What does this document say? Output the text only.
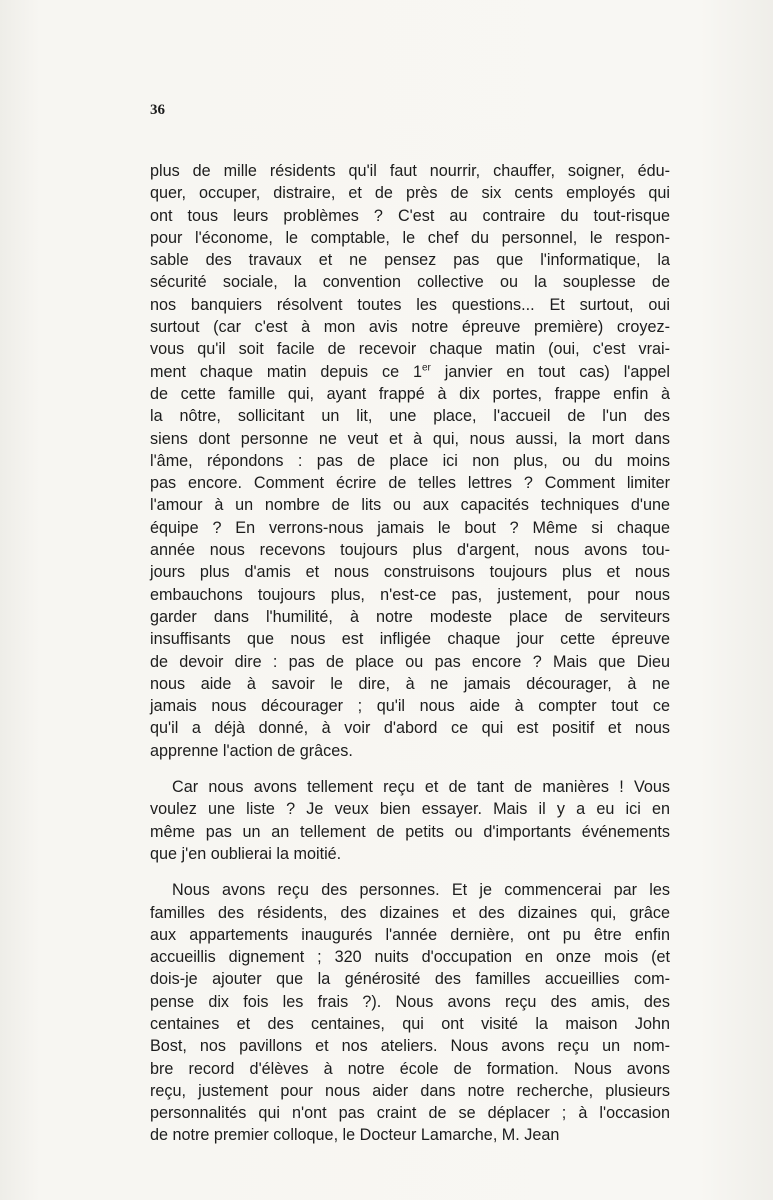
36

plus de mille résidents qu'il faut nourrir, chauffer, soigner, édu-
quer, occuper, distraire, et de près de six cents employés qui
ont tous leurs problèmes ? C'est au contraire du tout-risque
pour l'économe, le comptable, le chef du personnel, le respon-
sable des travaux et ne pensez pas que l'informatique, la
sécurité sociale, la convention collective ou la souplesse de
nos banquiers résolvent toutes les questions... Et surtout, oui
surtout (car c'est à mon avis notre épreuve première) croyez-
vous qu'il soit facile de recevoir chaque matin (oui, c'est vrai-
ment chaque matin depuis ce 1er janvier en tout cas) l'appel
de cette famille qui, ayant frappé à dix portes, frappe enfin à
la nôtre, sollicitant un lit, une place, l'accueil de l'un des
siens dont personne ne veut et à qui, nous aussi, la mort dans
l'âme, répondons : pas de place ici non plus, ou du moins
pas encore. Comment écrire de telles lettres ? Comment limiter
l'amour à un nombre de lits ou aux capacités techniques d'une
équipe ? En verrons-nous jamais le bout ? Même si chaque
année nous recevons toujours plus d'argent, nous avons tou-
jours plus d'amis et nous construisons toujours plus et nous
embauchons toujours plus, n'est-ce pas, justement, pour nous
garder dans l'humilité, à notre modeste place de serviteurs
insuffisants que nous est infligée chaque jour cette épreuve
de devoir dire : pas de place ou pas encore ? Mais que Dieu
nous aide à savoir le dire, à ne jamais décourager, à ne
jamais nous décourager ; qu'il nous aide à compter tout ce
qu'il a déjà donné, à voir d'abord ce qui est positif et nous
apprenne l'action de grâces.

Car nous avons tellement reçu et de tant de manières ! Vous
voulez une liste ? Je veux bien essayer. Mais il y a eu ici en
même pas un an tellement de petits ou d'importants événements
que j'en oublierai la moitié.

Nous avons reçu des personnes. Et je commencerai par les
familles des résidents, des dizaines et des dizaines qui, grâce
aux appartements inaugurés l'année dernière, ont pu être enfin
accueillis dignement ; 320 nuits d'occupation en onze mois (et
dois-je ajouter que la générosité des familles accueillies com-
pense dix fois les frais ?). Nous avons reçu des amis, des
centaines et des centaines, qui ont visité la maison John
Bost, nos pavillons et nos ateliers. Nous avons reçu un nom-
bre record d'élèves à notre école de formation. Nous avons
reçu, justement pour nous aider dans notre recherche, plusieurs
personnalités qui n'ont pas craint de se déplacer ; à l'occasion
de notre premier colloque, le Docteur Lamarche, M. Jean
